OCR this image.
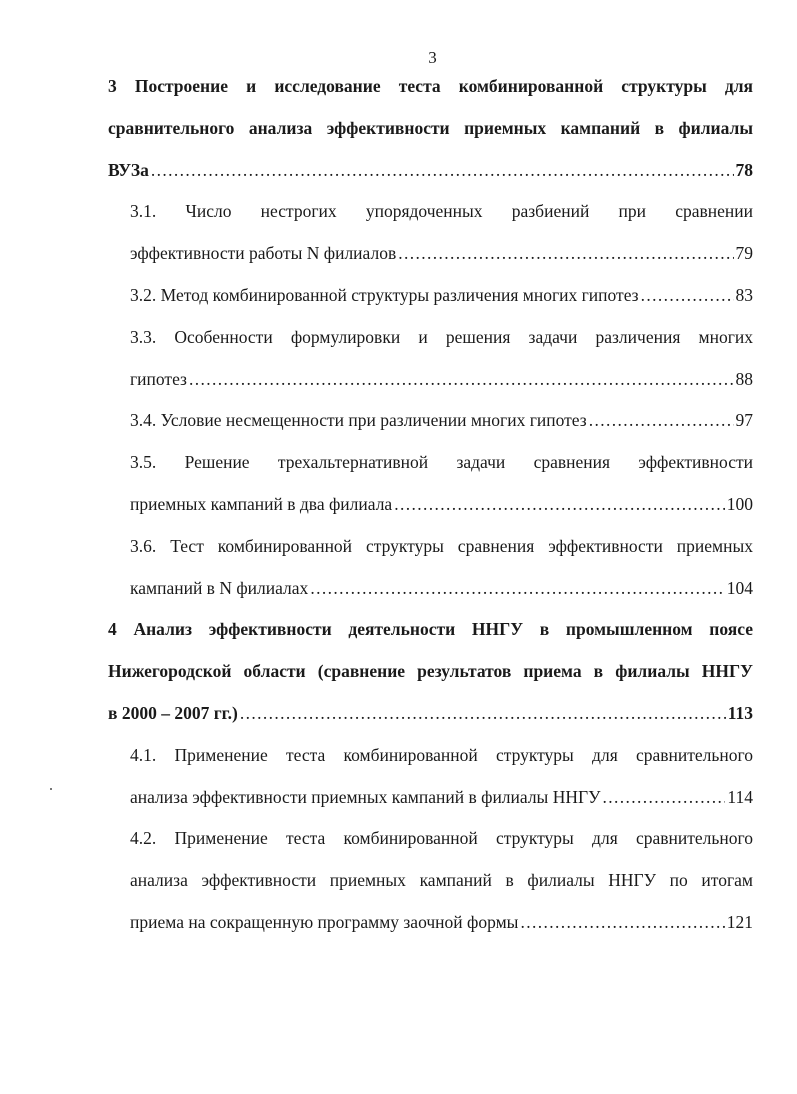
3
3 Построение и исследование теста комбинированной структуры для
сравнительного анализа эффективности приемных кампаний в филиалы
ВУЗа . . .	78
3.1. Число нестрогих упорядоченных разбиений при сравнении
эффективности работы N филиалов . . .	79
3.2. Метод комбинированной структуры различения многих гипотез . . .	83
3.3. Особенности формулировки и решения задачи различения многих
гипотез . . .	88
3.4. Условие несмещенности при различении многих гипотез . . .	97
3.5. Решение трехальтернативной задачи сравнения эффективности
приемных кампаний в два филиала . . .	100
3.6. Тест комбинированной структуры сравнения эффективности приемных
кампаний в N филиалах . . .	104
4 Анализ эффективности деятельности ННГУ в промышленном поясе
Нижегородской области (сравнение результатов приема в филиалы ННГУ
в 2000 – 2007 гг.) . . .	113
4.1. Применение теста комбинированной структуры для сравнительного
анализа эффективности приемных кампаний в филиалы ННГУ . . .	114
4.2. Применение теста комбинированной структуры для сравнительного
анализа эффективности приемных кампаний в филиалы ННГУ по итогам
приема на сокращенную программу заочной формы . . .	121
